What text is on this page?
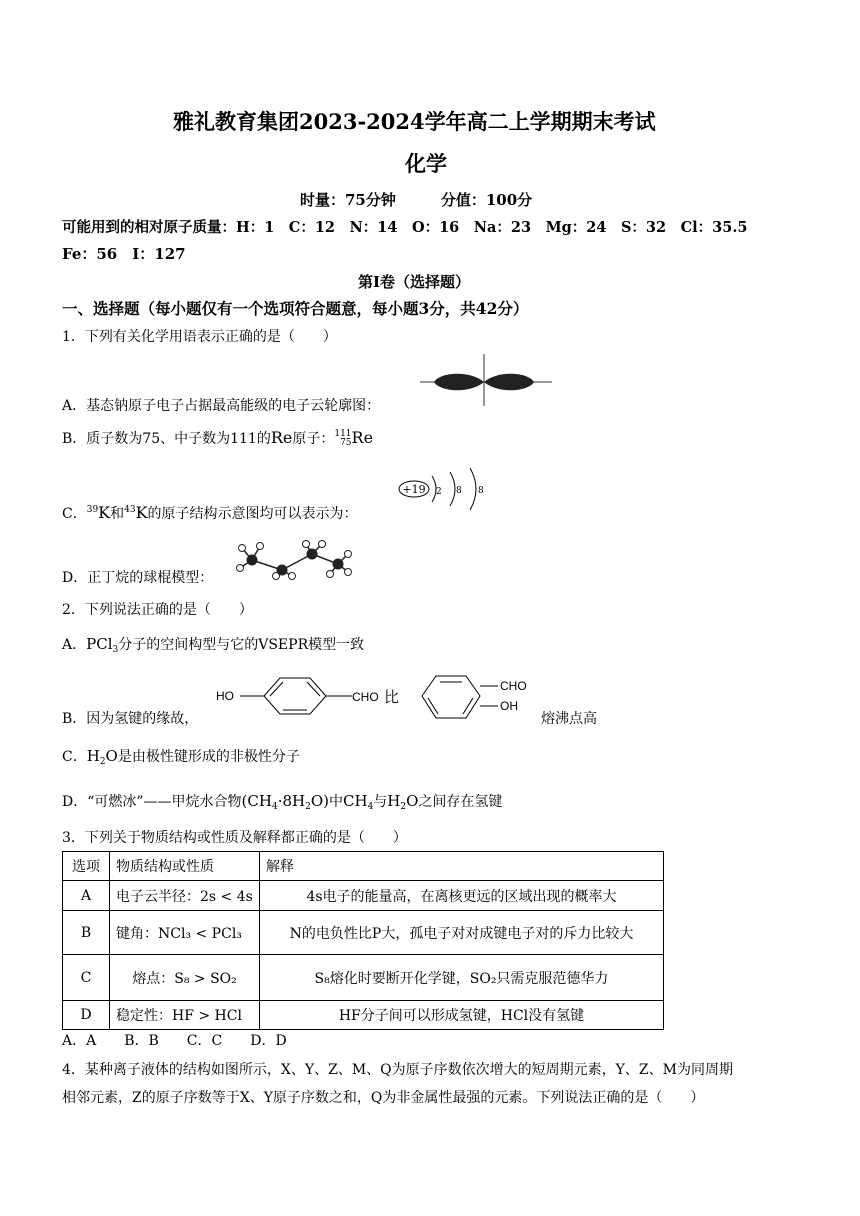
雅礼教育集团2023-2024学年高二上学期期末考试
化学
时量：75分钟　　　分值：100分
可能用到的相对原子质量：H：1　C：12　N：14　O：16　Na：23　Mg：24　S：32　Cl：35.5
Fe：56　I：127
第Ⅰ卷（选择题）
一、选择题（每小题仅有一个选项符合题意，每小题3分，共42分）
1．下列有关化学用语表示正确的是（　　）
A．基态钠原子电子占据最高能级的电子云轮廓图：
B．质子数为75、中子数为111的Re原子：111
75Re
C．$^{39}$K和$^{43}$K的原子结构示意图均可以表示为：
+19 2 8 8
D．正丁烷的球棍模型：
2．下列说法正确的是（　　）
A．PCl$_3$分子的空间构型与它的VSEPR模型一致
B．因为氢键的缘故，
HO	CHO 比
CHO
OH
熔沸点高
C．$H_2O$是由极性键形成的非极性分子
D．“可燃冰”——甲烷水合物$(CH_4\cdot 8H_2O)$中$CH_4$与$H_2O$之间存在氢键
3．下列关于物质结构或性质及解释都正确的是（　　）
选项	物质结构或性质	解释
A	电子云半径：2s < 4s	4s电子的能量高，在离核更远的区域出现的概率大
B	键角：NCl₃ < PCl₃	N的电负性比P大，孤电子对对成键电子对的斥力比较大
C	熔点：S₈ > SO₂	S₈熔化时要断开化学键，SO₂只需克服范德华力
D	稳定性：HF > HCl	HF分子间可以形成氢键，HCl没有氢键
A．A　　B．B　　C．C　　D．D
4．某种离子液体的结构如图所示，X、Y、Z、M、Q为原子序数依次增大的短周期元素，Y、Z、M为同周期
相邻元素，Z的原子序数等于X、Y原子序数之和，Q为非金属性最强的元素。下列说法正确的是（　　）
